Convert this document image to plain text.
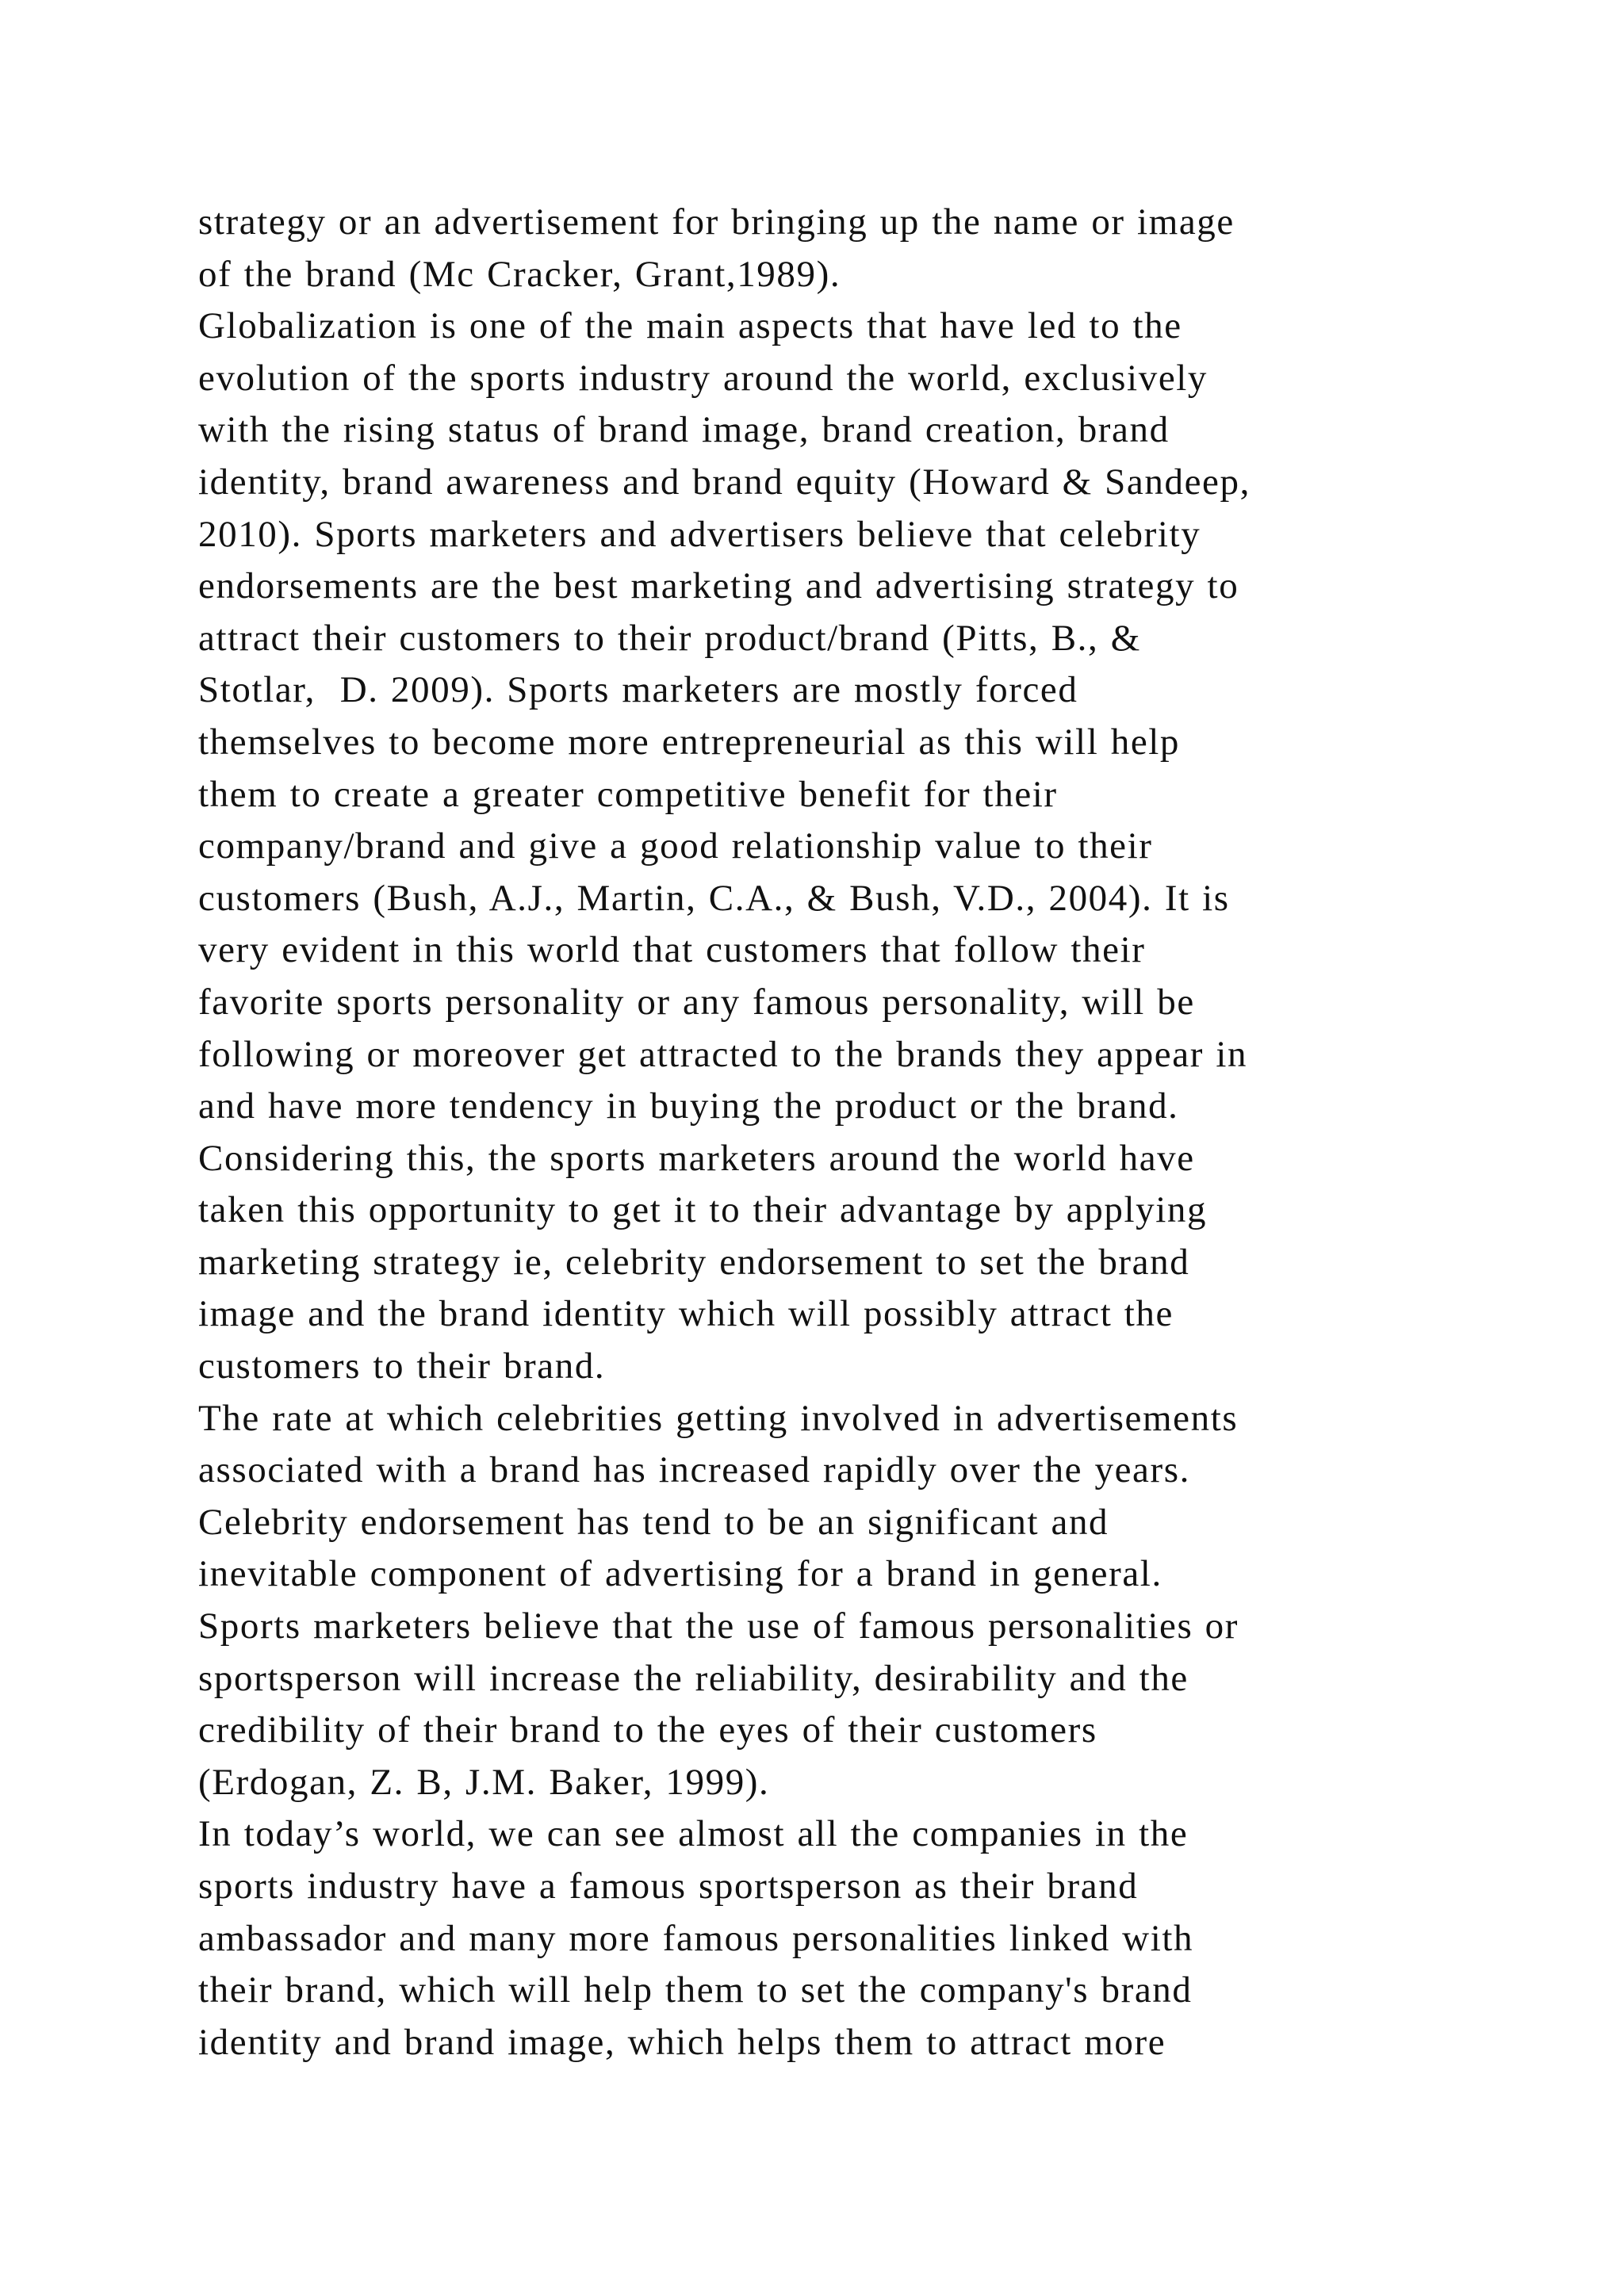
strategy or an advertisement for bringing up the name or image
of the brand (Mc Cracker, Grant,1989).
Globalization is one of the main aspects that have led to the
evolution of the sports industry around the world, exclusively
with the rising status of brand image, brand creation, brand
identity, brand awareness and brand equity (Howard & Sandeep,
2010). Sports marketers and advertisers believe that celebrity
endorsements are the best marketing and advertising strategy to
attract their customers to their product/brand (Pitts, B., &
Stotlar,  D. 2009). Sports marketers are mostly forced
themselves to become more entrepreneurial as this will help
them to create a greater competitive benefit for their
company/brand and give a good relationship value to their
customers (Bush, A.J., Martin, C.A., & Bush, V.D., 2004). It is
very evident in this world that customers that follow their
favorite sports personality or any famous personality, will be
following or moreover get attracted to the brands they appear in
and have more tendency in buying the product or the brand.
Considering this, the sports marketers around the world have
taken this opportunity to get it to their advantage by applying
marketing strategy ie, celebrity endorsement to set the brand
image and the brand identity which will possibly attract the
customers to their brand.
The rate at which celebrities getting involved in advertisements
associated with a brand has increased rapidly over the years.
Celebrity endorsement has tend to be an significant and
inevitable component of advertising for a brand in general.
Sports marketers believe that the use of famous personalities or
sportsperson will increase the reliability, desirability and the
credibility of their brand to the eyes of their customers
(Erdogan, Z. B, J.M. Baker, 1999).
In today’s world, we can see almost all the companies in the
sports industry have a famous sportsperson as their brand
ambassador and many more famous personalities linked with
their brand, which will help them to set the company's brand
identity and brand image, which helps them to attract more
